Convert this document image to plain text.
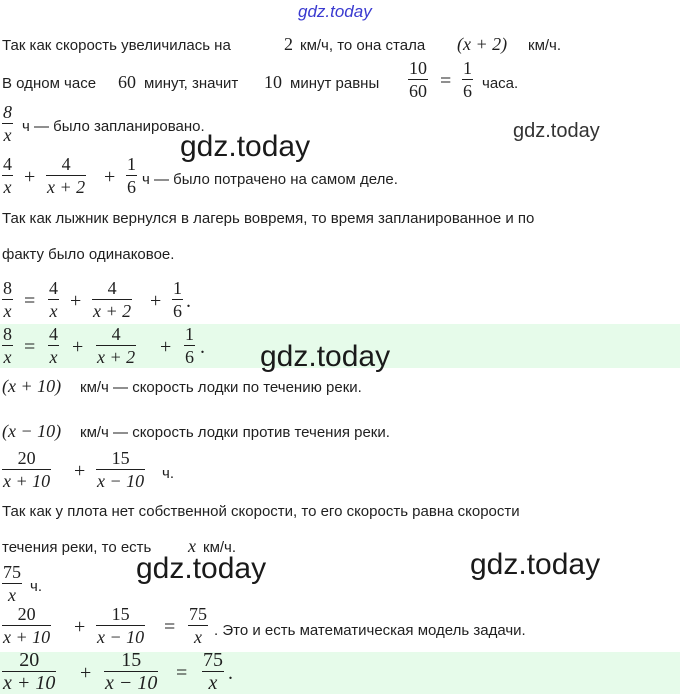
gdz.today
gdz.today
gdz.today
gdz.today
gdz.today	gdz.today
Так как скорость увеличилась на	2 км/ч, то она стала (x + 2) км/ч.
В одном часе 60 минут, значит 10 минут равны
10
60 =
1
6 часа.
8
x ч — было запланировано.
4
x +
4
x + 2 +
1
6 ч — было потрачено на самом деле.
Так как лыжник вернулся в лагерь вовремя, то время запланированное и по
факту было одинаковое.
8
x =
4
x +
4
x + 2 +
1
6 .
8
x =
4
x +
4
x + 2 +
1
6 .
(x + 10) км/ч — скорость лодки по течению реки.
(x − 10) км/ч — скорость лодки против течения реки.
20
x + 10 +
15
x − 10 ч.
Так как у плота нет собственной скорости, то его скорость равна скорости
течения реки, то есть x км/ч.
75
x ч.
20
x + 10 +
15
x − 10 =
75
x . Это и есть математическая модель задачи.
20
x + 10 +
15
x − 10 =
75
x .
